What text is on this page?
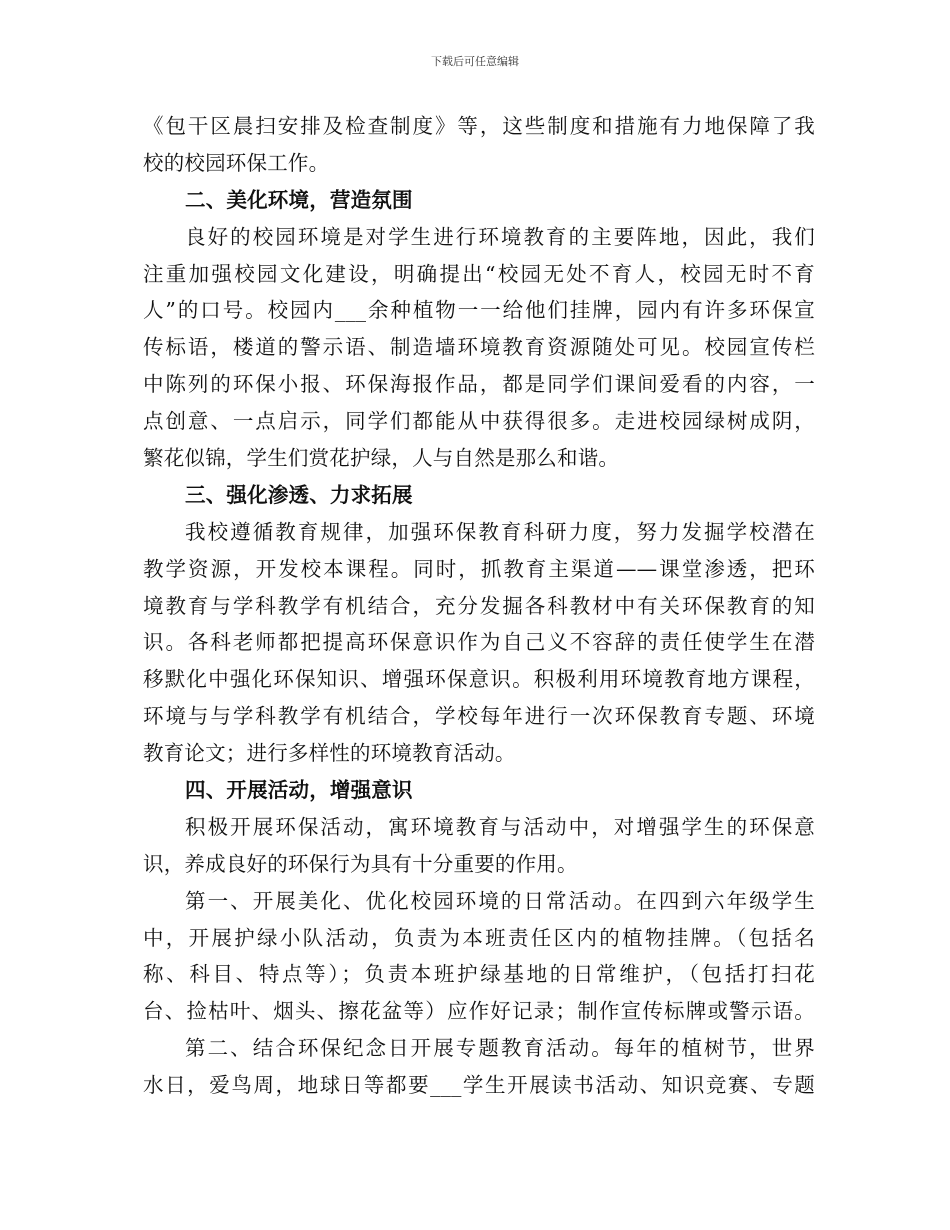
下载后可任意编辑
《包干区晨扫安排及检查制度》等，这些制度和措施有力地保障了我
校的校园环保工作。
二、美化环境，营造氛围
良好的校园环境是对学生进行环境教育的主要阵地，因此，我们
注重加强校园文化建设，明确提出“校园无处不育人，校园无时不育
人”的口号。校园内___余种植物一一给他们挂牌，园内有许多环保宣
传标语，楼道的警示语、制造墙环境教育资源随处可见。校园宣传栏
中陈列的环保小报、环保海报作品，都是同学们课间爱看的内容，一
点创意、一点启示，同学们都能从中获得很多。走进校园绿树成阴，
繁花似锦，学生们赏花护绿，人与自然是那么和谐。
三、强化渗透、力求拓展
我校遵循教育规律，加强环保教育科研力度，努力发掘学校潜在
教学资源，开发校本课程。同时，抓教育主渠道——课堂渗透，把环
境教育与学科教学有机结合，充分发掘各科教材中有关环保教育的知
识。各科老师都把提高环保意识作为自己义不容辞的责任使学生在潜
移默化中强化环保知识、增强环保意识。积极利用环境教育地方课程，
环境与与学科教学有机结合，学校每年进行一次环保教育专题、环境
教育论文；进行多样性的环境教育活动。
四、开展活动，增强意识
积极开展环保活动，寓环境教育与活动中，对增强学生的环保意
识，养成良好的环保行为具有十分重要的作用。
第一、开展美化、优化校园环境的日常活动。在四到六年级学生
中，开展护绿小队活动，负责为本班责任区内的植物挂牌。（包括名
称、科目、特点等）；负责本班护绿基地的日常维护，（包括打扫花
台、捡枯叶、烟头、擦花盆等）应作好记录；制作宣传标牌或警示语。
第二、结合环保纪念日开展专题教育活动。每年的植树节，世界
水日，爱鸟周，地球日等都要___学生开展读书活动、知识竞赛、专题
